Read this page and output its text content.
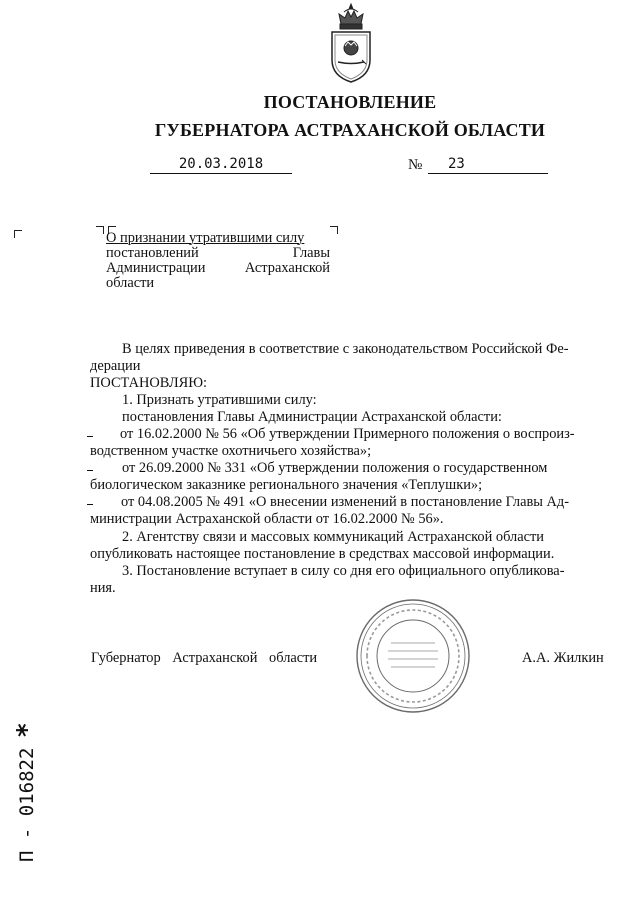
ПОСТАНОВЛЕНИЕ
ГУБЕРНАТОРА АСТРАХАНСКОЙ ОБЛАСТИ
20.03.2018	№	23
О признании утратившими силу
постановлений	Главы
Администрации	Астраханской
области
В целях приведения в соответствие с законодательством Российской Фе-
дерации
ПОСТАНОВЛЯЮ:
1. Признать утратившими силу:
постановления Главы Администрации Астраханской области:
от 16.02.2000 № 56 «Об утверждении Примерного положения о воспроиз-
водственном участке охотничьего хозяйства»;
от 26.09.2000 № 331 «Об утверждении положения о государственном
биологическом заказнике регионального значения «Теплушки»;
от 04.08.2005 № 491 «О внесении изменений в постановление Главы Ад-
министрации Астраханской области от 16.02.2000 № 56».
2. Агентству связи и массовых коммуникаций Астраханской области
опубликовать настоящее постановление в средствах массовой информации.
3. Постановление вступает в силу со дня его официального опубликова-
ния.
Губернатор Астраханской области	А.А. Жилкин
П - 016822
*
